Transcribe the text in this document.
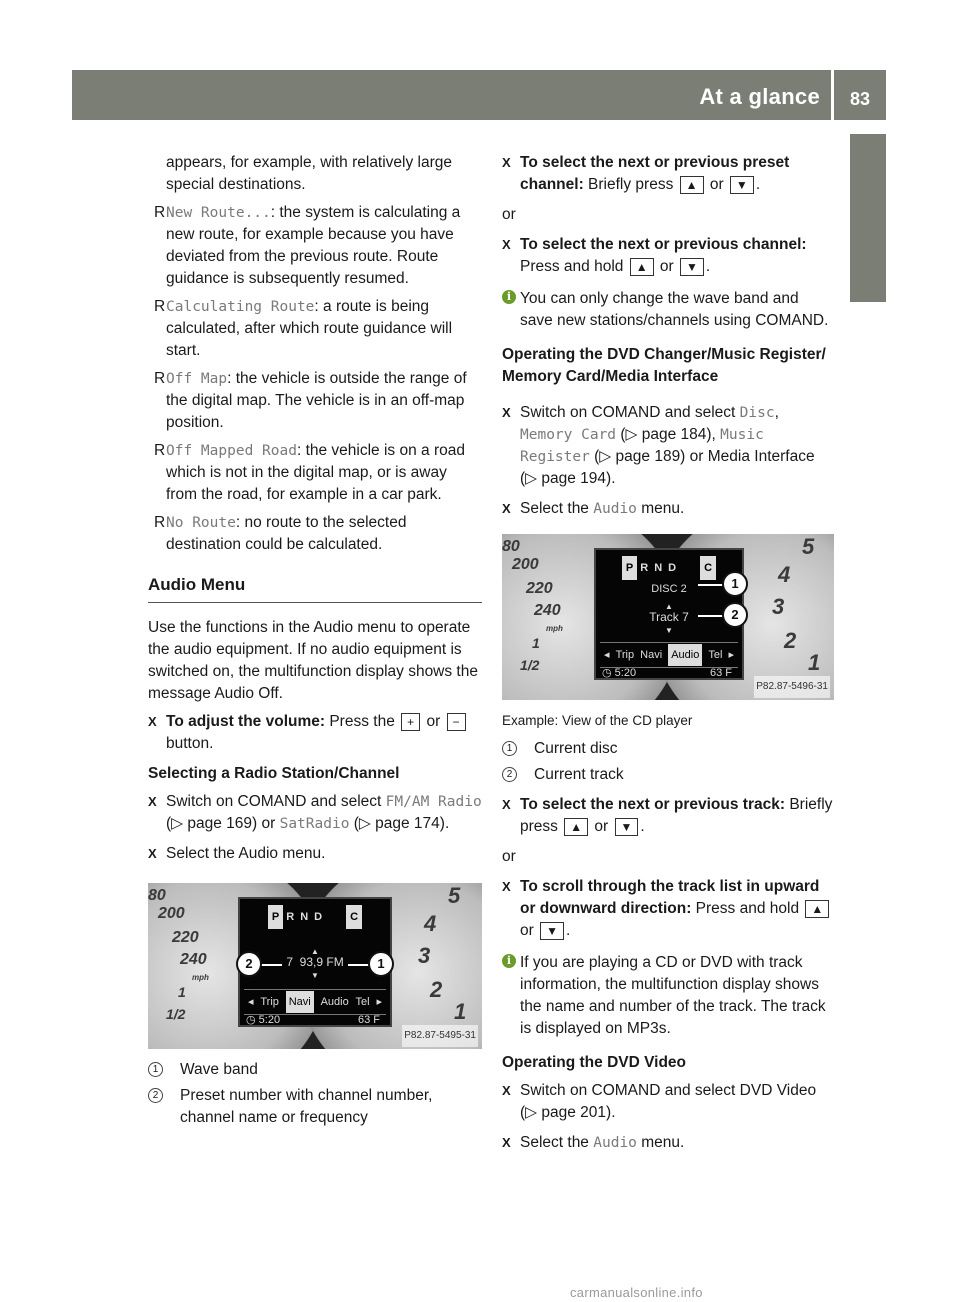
At a glance 83
COMAND APS
appears, for example, with relatively large special destinations.
R New Route...: the system is calculating a new route, for example because you have deviated from the previous route. Route guidance is subsequently resumed.
R Calculating Route: a route is being calculated, after which route guidance will start.
R Off Map: the vehicle is outside the range of the digital map. The vehicle is in an off-map position.
R Off Mapped Road: the vehicle is on a road which is not in the digital map, or is away from the road, for example in a car park.
R No Route: no route to the selected destination could be calculated.
Audio Menu
Use the functions in the Audio menu to operate the audio equipment. If no audio equipment is switched on, the multifunction display shows the message Audio Off.
X To adjust the volume: Press the + or − button.
Selecting a Radio Station/Channel
X Switch on COMAND and select FM/AM Radio (▷ page 169) or SatRadio (▷ page 174).
X Select the Audio menu.
80
200
220
240
mph
1
1/2
5
4
3
2
1
P R N D	C
▲
7 93,9 FM
▼
◂ Trip Navi Audio Tel ▸
◷ 5:20	63 F
2	1
P82.87-5495-31
1	Wave band
2	Preset number with channel number, channel name or frequency
X To select the next or previous preset channel: Briefly press ▲ or ▼ .
or
X To select the next or previous channel: Press and hold ▲ or ▼ .
i You can only change the wave band and save new stations/channels using COMAND.
Operating the DVD Changer/Music Register/ Memory Card/Media Interface
X Switch on COMAND and select Disc, Memory Card (▷ page 184), Music Register (▷ page 189) or Media Interface (▷ page 194).
X Select the Audio menu.
80
200
220
240
mph
1
1/2
5
4
3
2
1
P R N D	C
DISC 2
▲
Track 7
▼
◂ Trip Navi Audio Tel ▸
◷ 5:20	63 F
1
2
P82.87-5496-31
Example: View of the CD player
1	Current disc
2	Current track
X To select the next or previous track: Briefly press ▲ or ▼ .
or
X To scroll through the track list in upward or downward direction: Press and hold ▲ or ▼ .
i If you are playing a CD or DVD with track information, the multifunction display shows the name and number of the track. The track is displayed on MP3s.
Operating the DVD Video
X Switch on COMAND and select DVD Video (▷ page 201).
X Select the Audio menu.
carmanualsonline.info
